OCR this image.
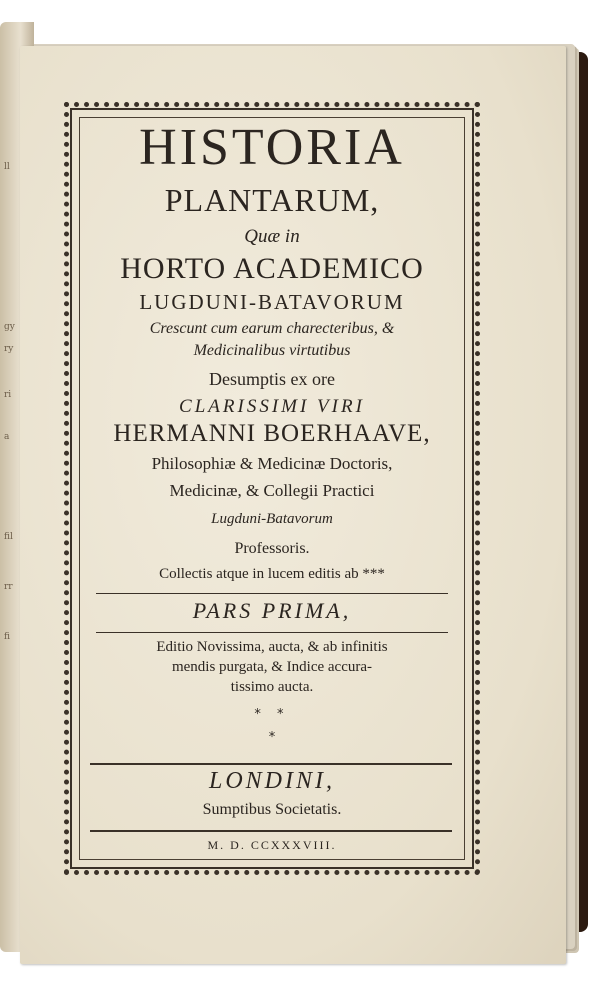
ll
gy
ry
ri
a
fil
rr
fi
HISTORIA
PLANTARUM,
Quæ in
HORTO ACADEMICO
LUGDUNI-BATAVORUM
Crescunt cum earum charecteribus, &
Medicinalibus virtutibus
Desumptis ex ore
CLARISSIMI VIRI
HERMANNI BOERHAAVE,
Philosophiæ & Medicinæ Doctoris,
Medicinæ, & Collegii Practici
Lugduni-Batavorum
Professoris.
Collectis atque in lucem editis ab ***
PARS PRIMA,
Editio Novissima, aucta, & ab infinitis
mendis purgata, & Indice accura-
tissimo aucta.
* *
*
LONDINI,
Sumptibus Societatis.
M. D. CCXXXVIII.
